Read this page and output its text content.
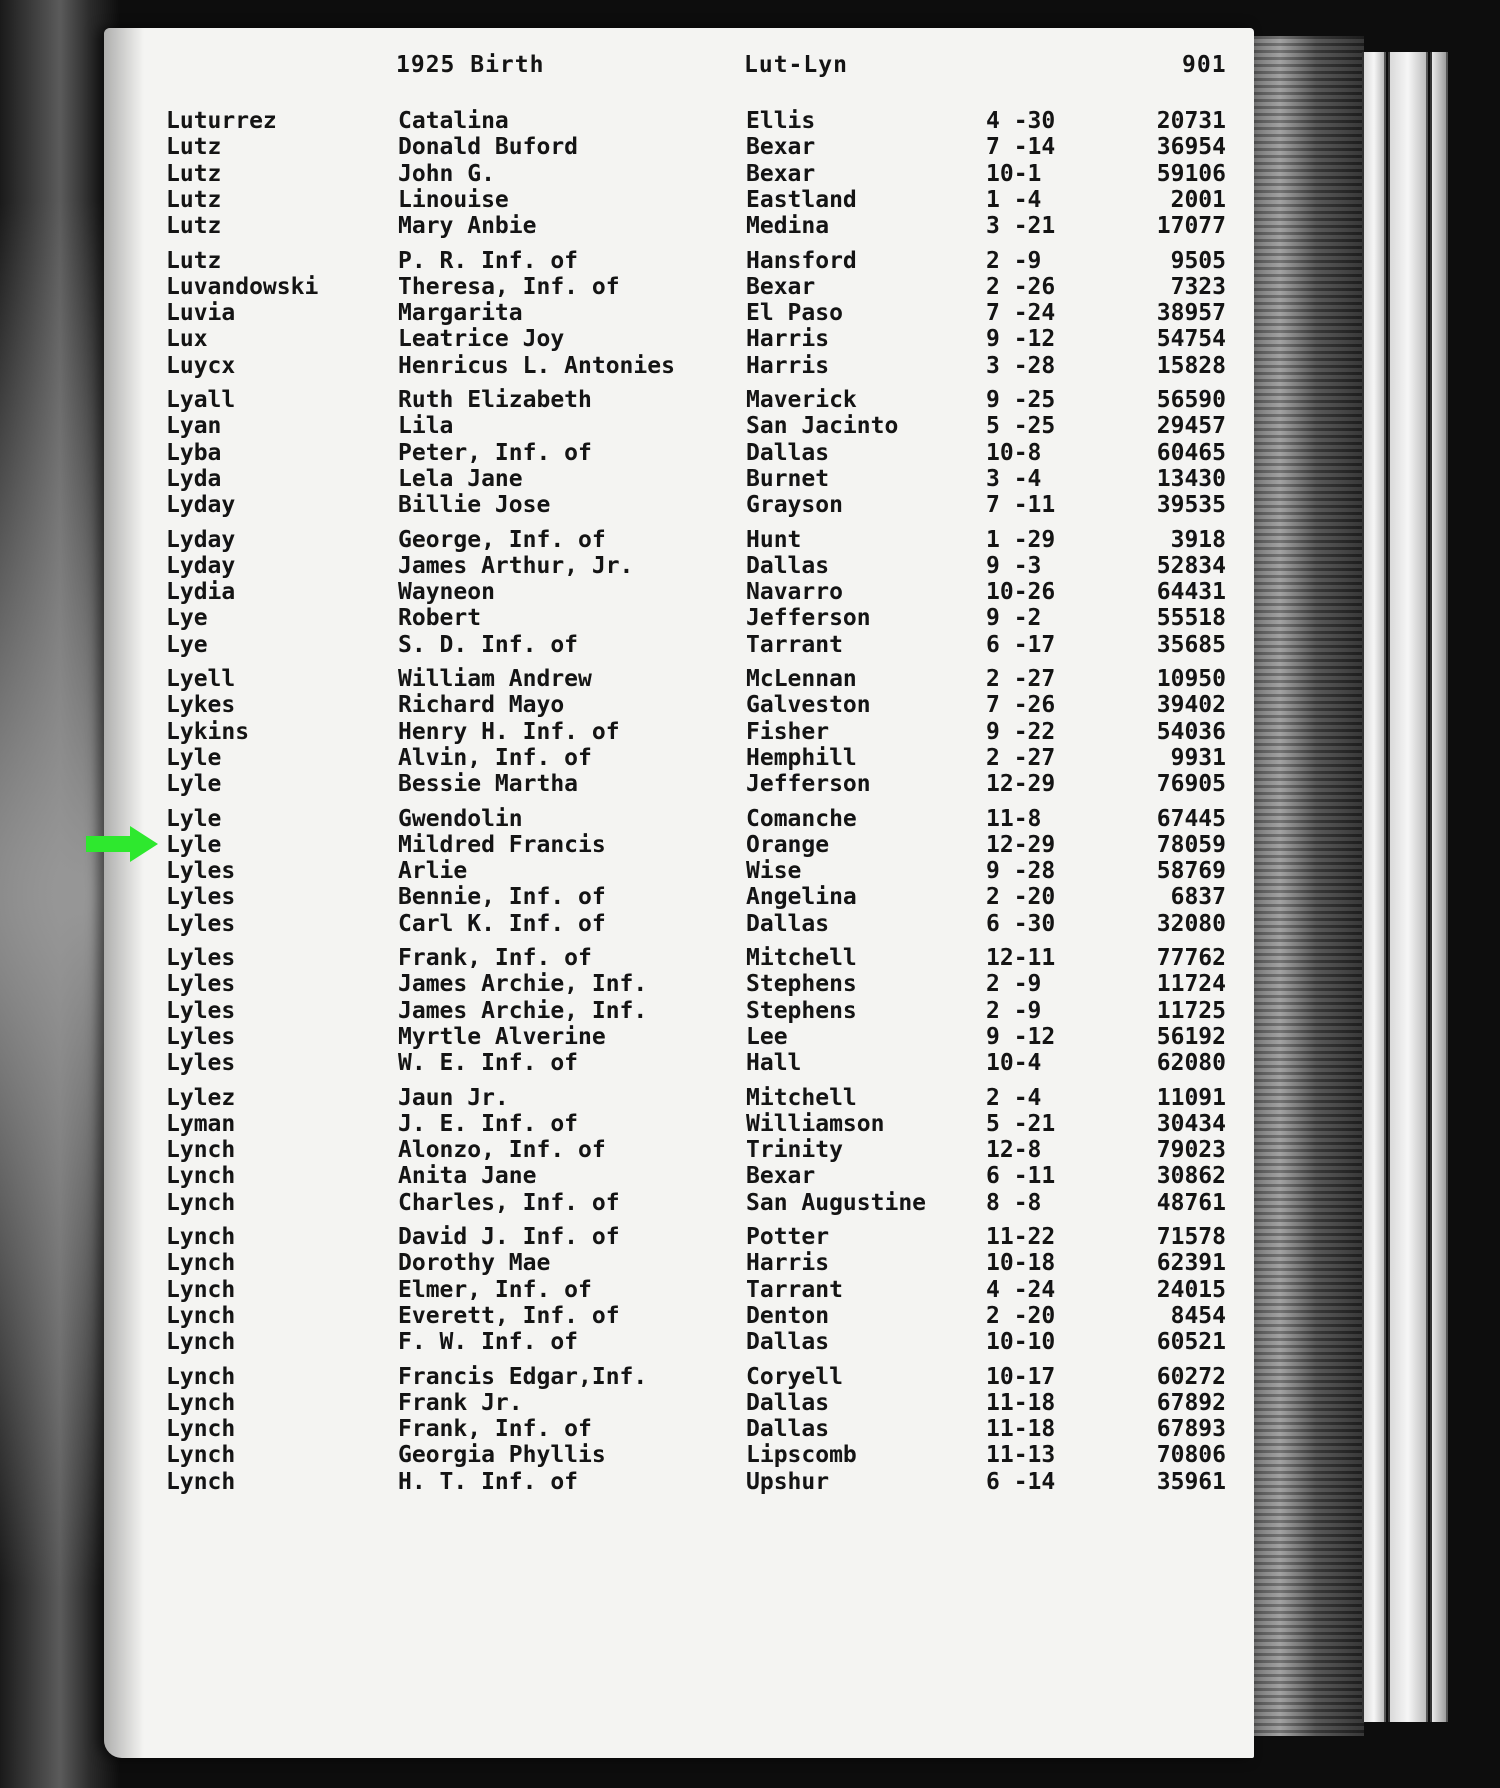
1925 Birth	Lut-Lyn	901
Luturrez	Catalina	Ellis	4 -30	20731
Lutz	Donald Buford	Bexar	7 -14	36954
Lutz	John G.	Bexar	10-1	59106
Lutz	Linouise	Eastland	1 -4	2001
Lutz	Mary Anbie	Medina	3 -21	17077
Lutz	P. R. Inf. of	Hansford	2 -9	9505
Luvandowski	Theresa, Inf. of	Bexar	2 -26	7323
Luvia	Margarita	El Paso	7 -24	38957
Lux	Leatrice Joy	Harris	9 -12	54754
Luycx	Henricus L. Antonies	Harris	3 -28	15828
Lyall	Ruth Elizabeth	Maverick	9 -25	56590
Lyan	Lila	San Jacinto	5 -25	29457
Lyba	Peter, Inf. of	Dallas	10-8	60465
Lyda	Lela Jane	Burnet	3 -4	13430
Lyday	Billie Jose	Grayson	7 -11	39535
Lyday	George, Inf. of	Hunt	1 -29	3918
Lyday	James Arthur, Jr.	Dallas	9 -3	52834
Lydia	Wayneon	Navarro	10-26	64431
Lye	Robert	Jefferson	9 -2	55518
Lye	S. D. Inf. of	Tarrant	6 -17	35685
Lyell	William Andrew	McLennan	2 -27	10950
Lykes	Richard Mayo	Galveston	7 -26	39402
Lykins	Henry H. Inf. of	Fisher	9 -22	54036
Lyle	Alvin, Inf. of	Hemphill	2 -27	9931
Lyle	Bessie Martha	Jefferson	12-29	76905
Lyle	Gwendolin	Comanche	11-8	67445
Lyle	Mildred Francis	Orange	12-29	78059
Lyles	Arlie	Wise	9 -28	58769
Lyles	Bennie, Inf. of	Angelina	2 -20	6837
Lyles	Carl K. Inf. of	Dallas	6 -30	32080
Lyles	Frank, Inf. of	Mitchell	12-11	77762
Lyles	James Archie, Inf.	Stephens	2 -9	11724
Lyles	James Archie, Inf.	Stephens	2 -9	11725
Lyles	Myrtle Alverine	Lee	9 -12	56192
Lyles	W. E. Inf. of	Hall	10-4	62080
Lylez	Jaun Jr.	Mitchell	2 -4	11091
Lyman	J. E. Inf. of	Williamson	5 -21	30434
Lynch	Alonzo, Inf. of	Trinity	12-8	79023
Lynch	Anita Jane	Bexar	6 -11	30862
Lynch	Charles, Inf. of	San Augustine	8 -8	48761
Lynch	David J. Inf. of	Potter	11-22	71578
Lynch	Dorothy Mae	Harris	10-18	62391
Lynch	Elmer, Inf. of	Tarrant	4 -24	24015
Lynch	Everett, Inf. of	Denton	2 -20	8454
Lynch	F. W. Inf. of	Dallas	10-10	60521
Lynch	Francis Edgar,Inf.	Coryell	10-17	60272
Lynch	Frank Jr.	Dallas	11-18	67892
Lynch	Frank, Inf. of	Dallas	11-18	67893
Lynch	Georgia Phyllis	Lipscomb	11-13	70806
Lynch	H. T. Inf. of	Upshur	6 -14	35961
